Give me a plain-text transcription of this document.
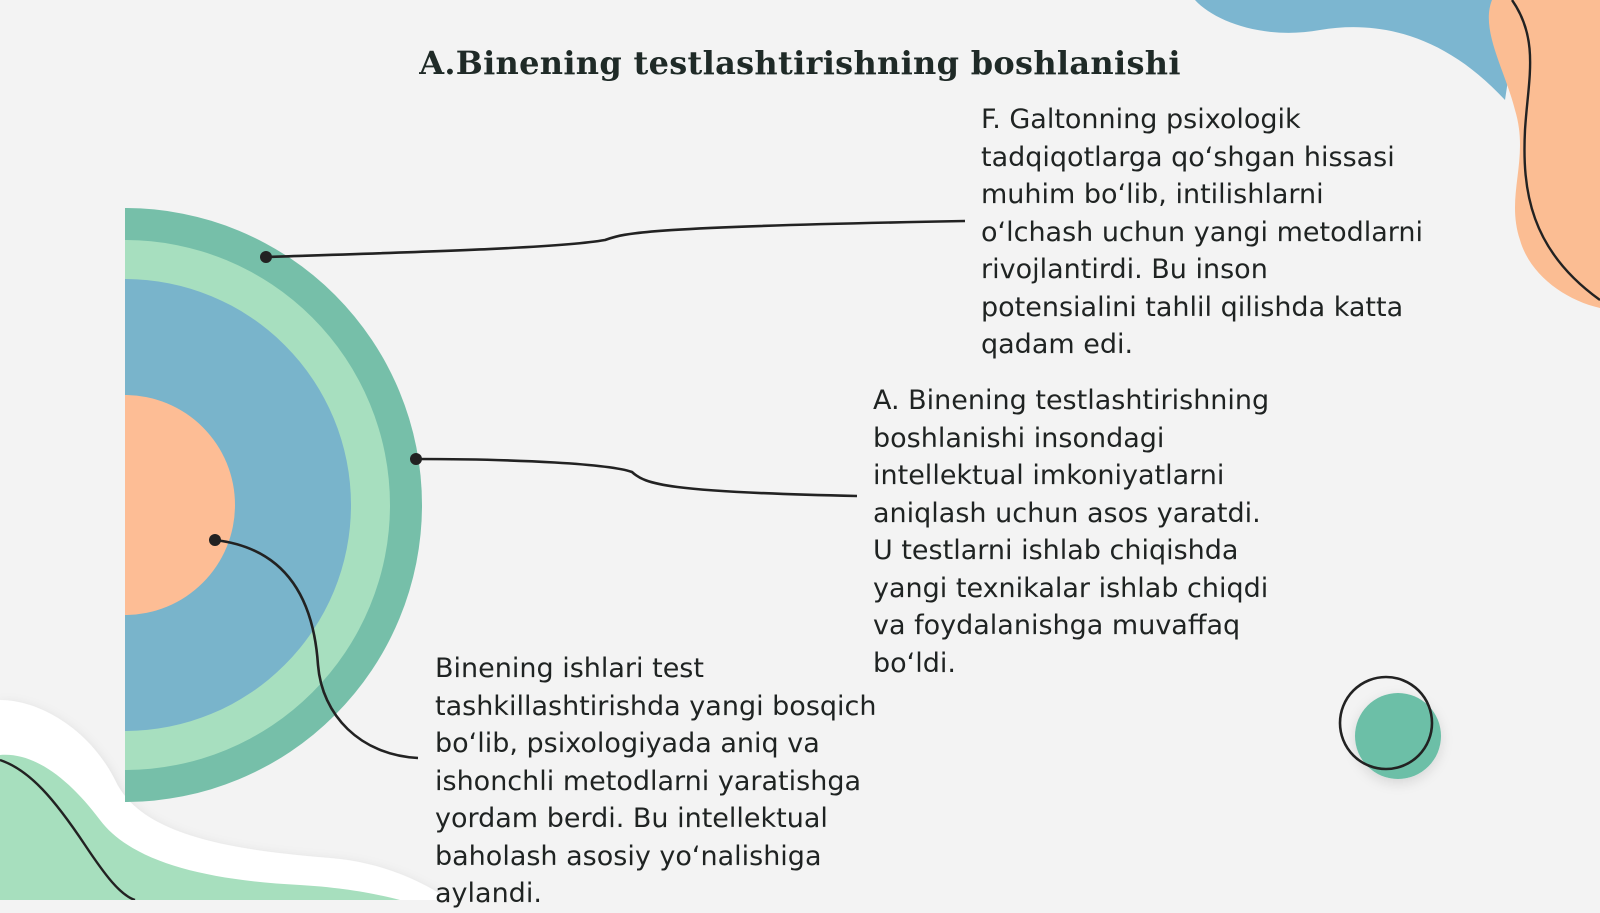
A.Binening testlashtirishning boshlanishi

F. Galtonning psixologik
tadqiqotlarga qo‘shgan hissasi
muhim bo‘lib, intilishlarni
o‘lchash uchun yangi metodlarni
rivojlantirdi. Bu inson
potensialini tahlil qilishda katta
qadam edi.

A. Binening testlashtirishning
boshlanishi insondagi
intellektual imkoniyatlarni
aniqlash uchun asos yaratdi.
U testlarni ishlab chiqishda
yangi texnikalar ishlab chiqdi
va foydalanishga muvaffaq
bo‘ldi.

Binening ishlari test
tashkillashtirishda yangi bosqich
bo‘lib, psixologiyada aniq va
ishonchli metodlarni yaratishga
yordam berdi. Bu intellektual
baholash asosiy yo‘nalishiga
aylandi.
